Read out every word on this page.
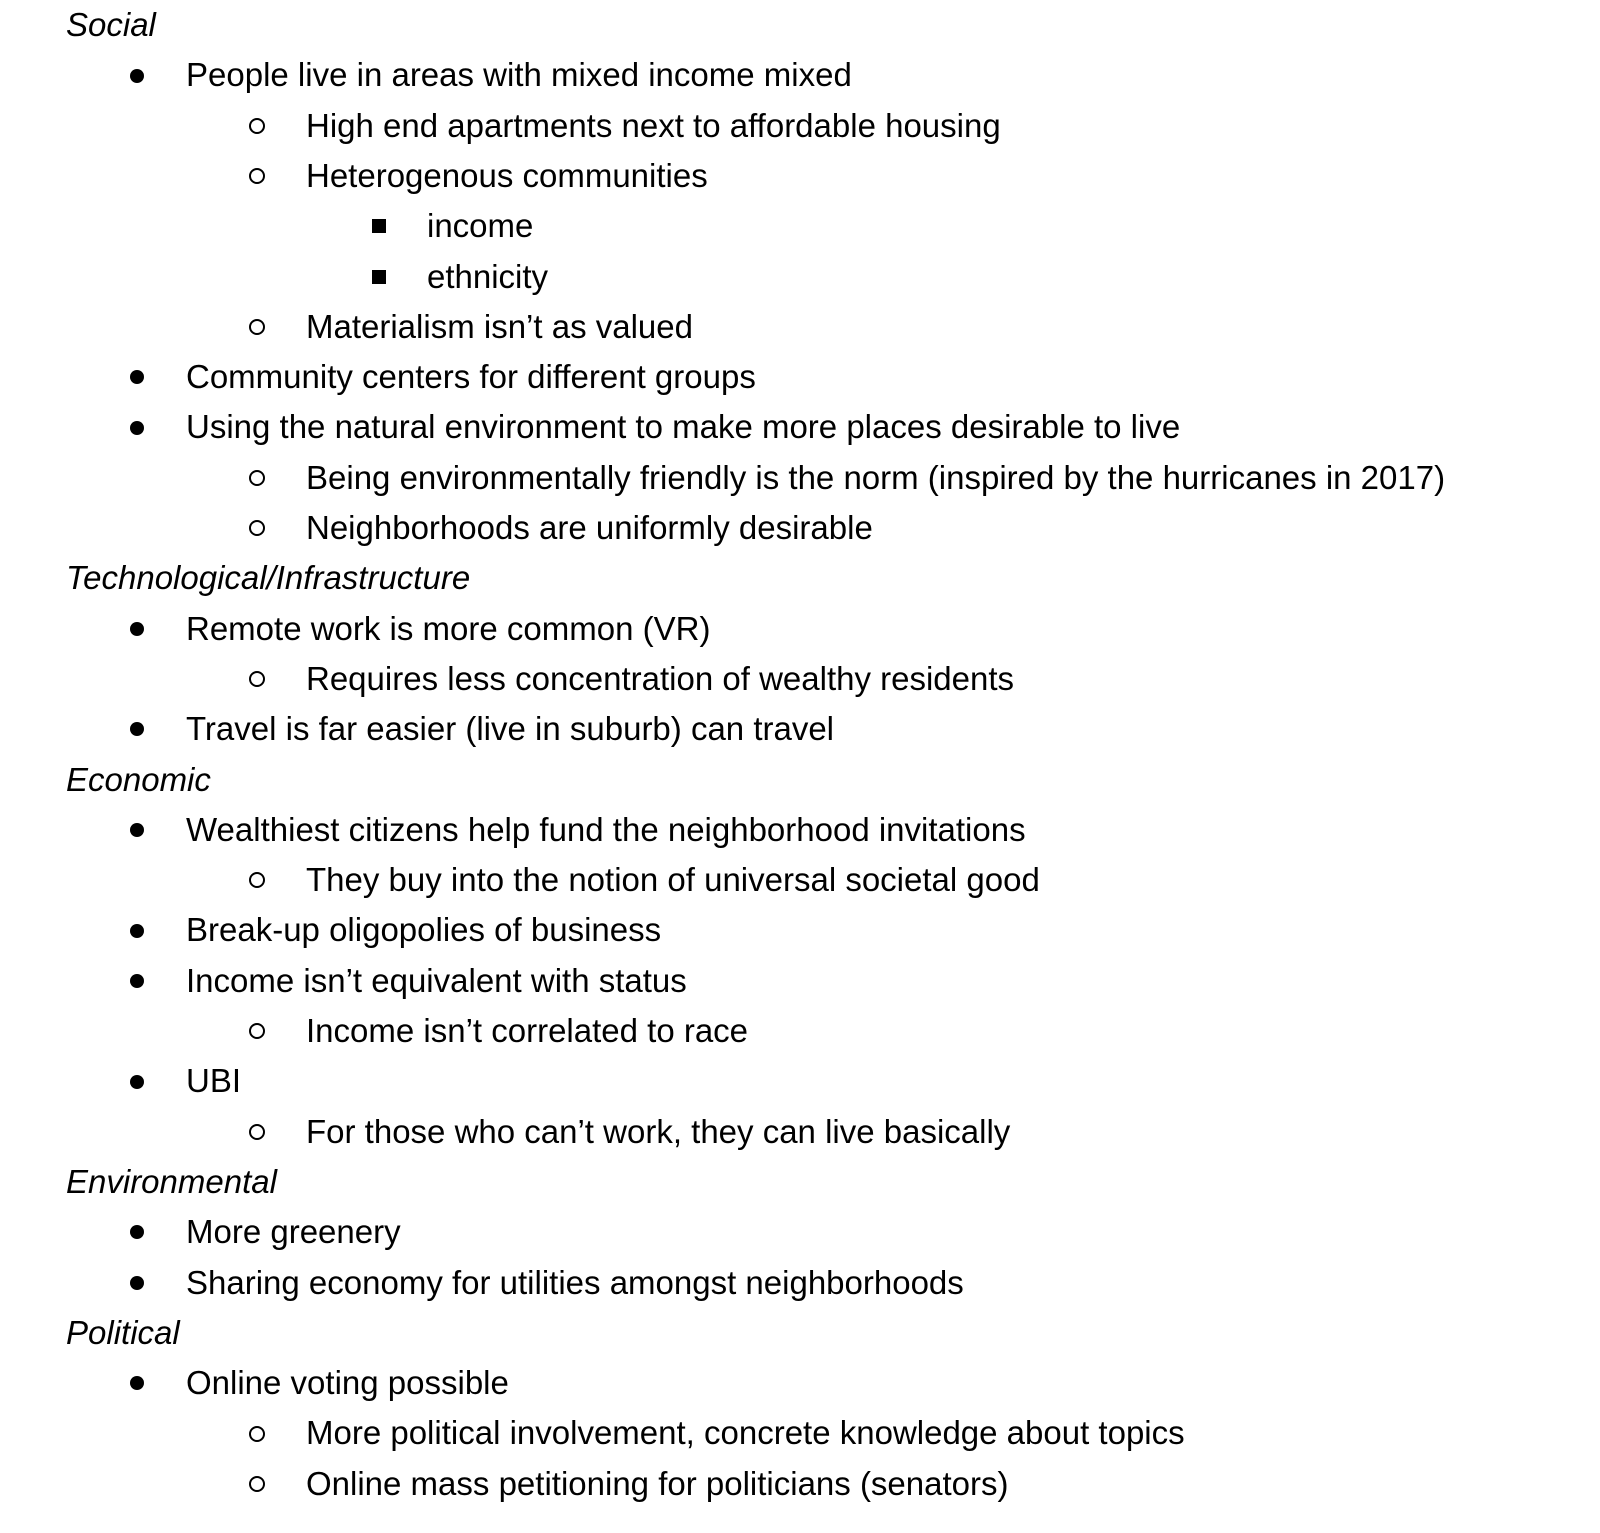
Social
People live in areas with mixed income mixed
High end apartments next to affordable housing
Heterogenous communities
income
ethnicity
Materialism isn’t as valued
Community centers for different groups
Using the natural environment to make more places desirable to live
Being environmentally friendly is the norm (inspired by the hurricanes in 2017)
Neighborhoods are uniformly desirable
Technological/Infrastructure
Remote work is more common (VR)
Requires less concentration of wealthy residents
Travel is far easier (live in suburb) can travel
Economic
Wealthiest citizens help fund the neighborhood invitations
They buy into the notion of universal societal good
Break-up oligopolies of business
Income isn’t equivalent with status
Income isn’t correlated to race
UBI
For those who can’t work, they can live basically
Environmental
More greenery
Sharing economy for utilities amongst neighborhoods
Political
Online voting possible
More political involvement, concrete knowledge about topics
Online mass petitioning for politicians (senators)
